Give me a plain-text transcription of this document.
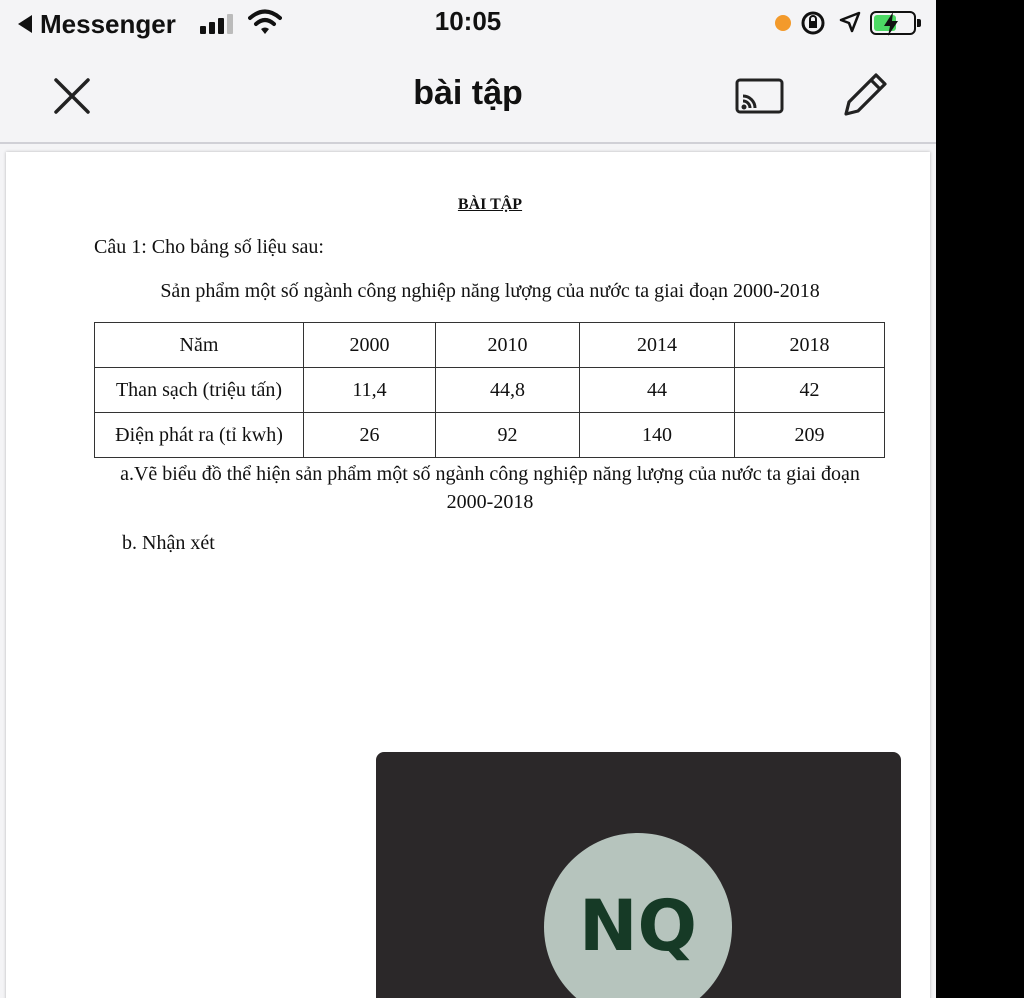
Messenger	10:05
bài tập
BÀI TẬP
Câu 1: Cho bảng số liệu sau:
Sản phẩm một số ngành công nghiệp năng lượng của nước ta giai đoạn 2000-2018
Năm	2000	2010	2014	2018
Than sạch (triệu tấn)	11,4	44,8	44	42
Điện phát ra (tỉ kwh)	26	92	140	209
a.Vẽ biểu đồ thể hiện sản phẩm một số ngành công nghiệp năng lượng của nước ta giai đoạn 2000-2018
b. Nhận xét
NQ
